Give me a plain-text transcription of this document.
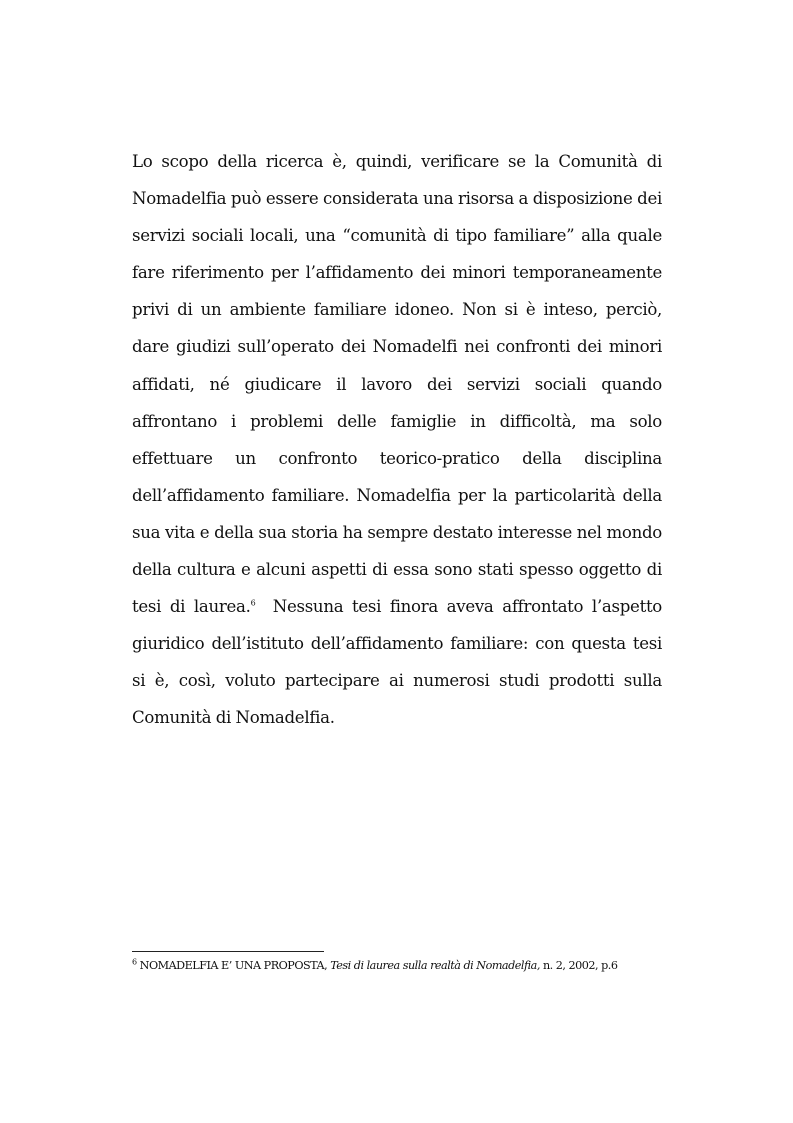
Lo scopo della ricerca è, quindi, verificare se la Comunità di Nomadelfia può essere considerata una risorsa a disposizione dei servizi sociali locali, una “comunità di tipo familiare” alla quale fare riferimento per l’affidamento dei minori temporaneamente privi di un ambiente familiare idoneo. Non si è inteso, perciò, dare giudizi sull’operato dei Nomadelfi nei confronti dei minori affidati, né giudicare il lavoro dei servizi sociali quando affrontano i problemi delle famiglie in difficoltà, ma solo effettuare un confronto teorico-pratico della disciplina dell’affidamento familiare. Nomadelfia per la particolarità della sua vita e della sua storia ha sempre destato interesse nel mondo della cultura e alcuni aspetti di essa sono stati spesso oggetto di tesi di laurea.$^6$  Nessuna tesi finora aveva affrontato l’aspetto giuridico dell’istituto dell’affidamento familiare: con questa tesi si è, così, voluto partecipare ai numerosi studi prodotti sulla Comunità di Nomadelfia.

$^6$ NOMADELFIA E’ UNA PROPOSTA, Tesi di laurea sulla realtà di Nomadelfia, n. 2, 2002, p.6
